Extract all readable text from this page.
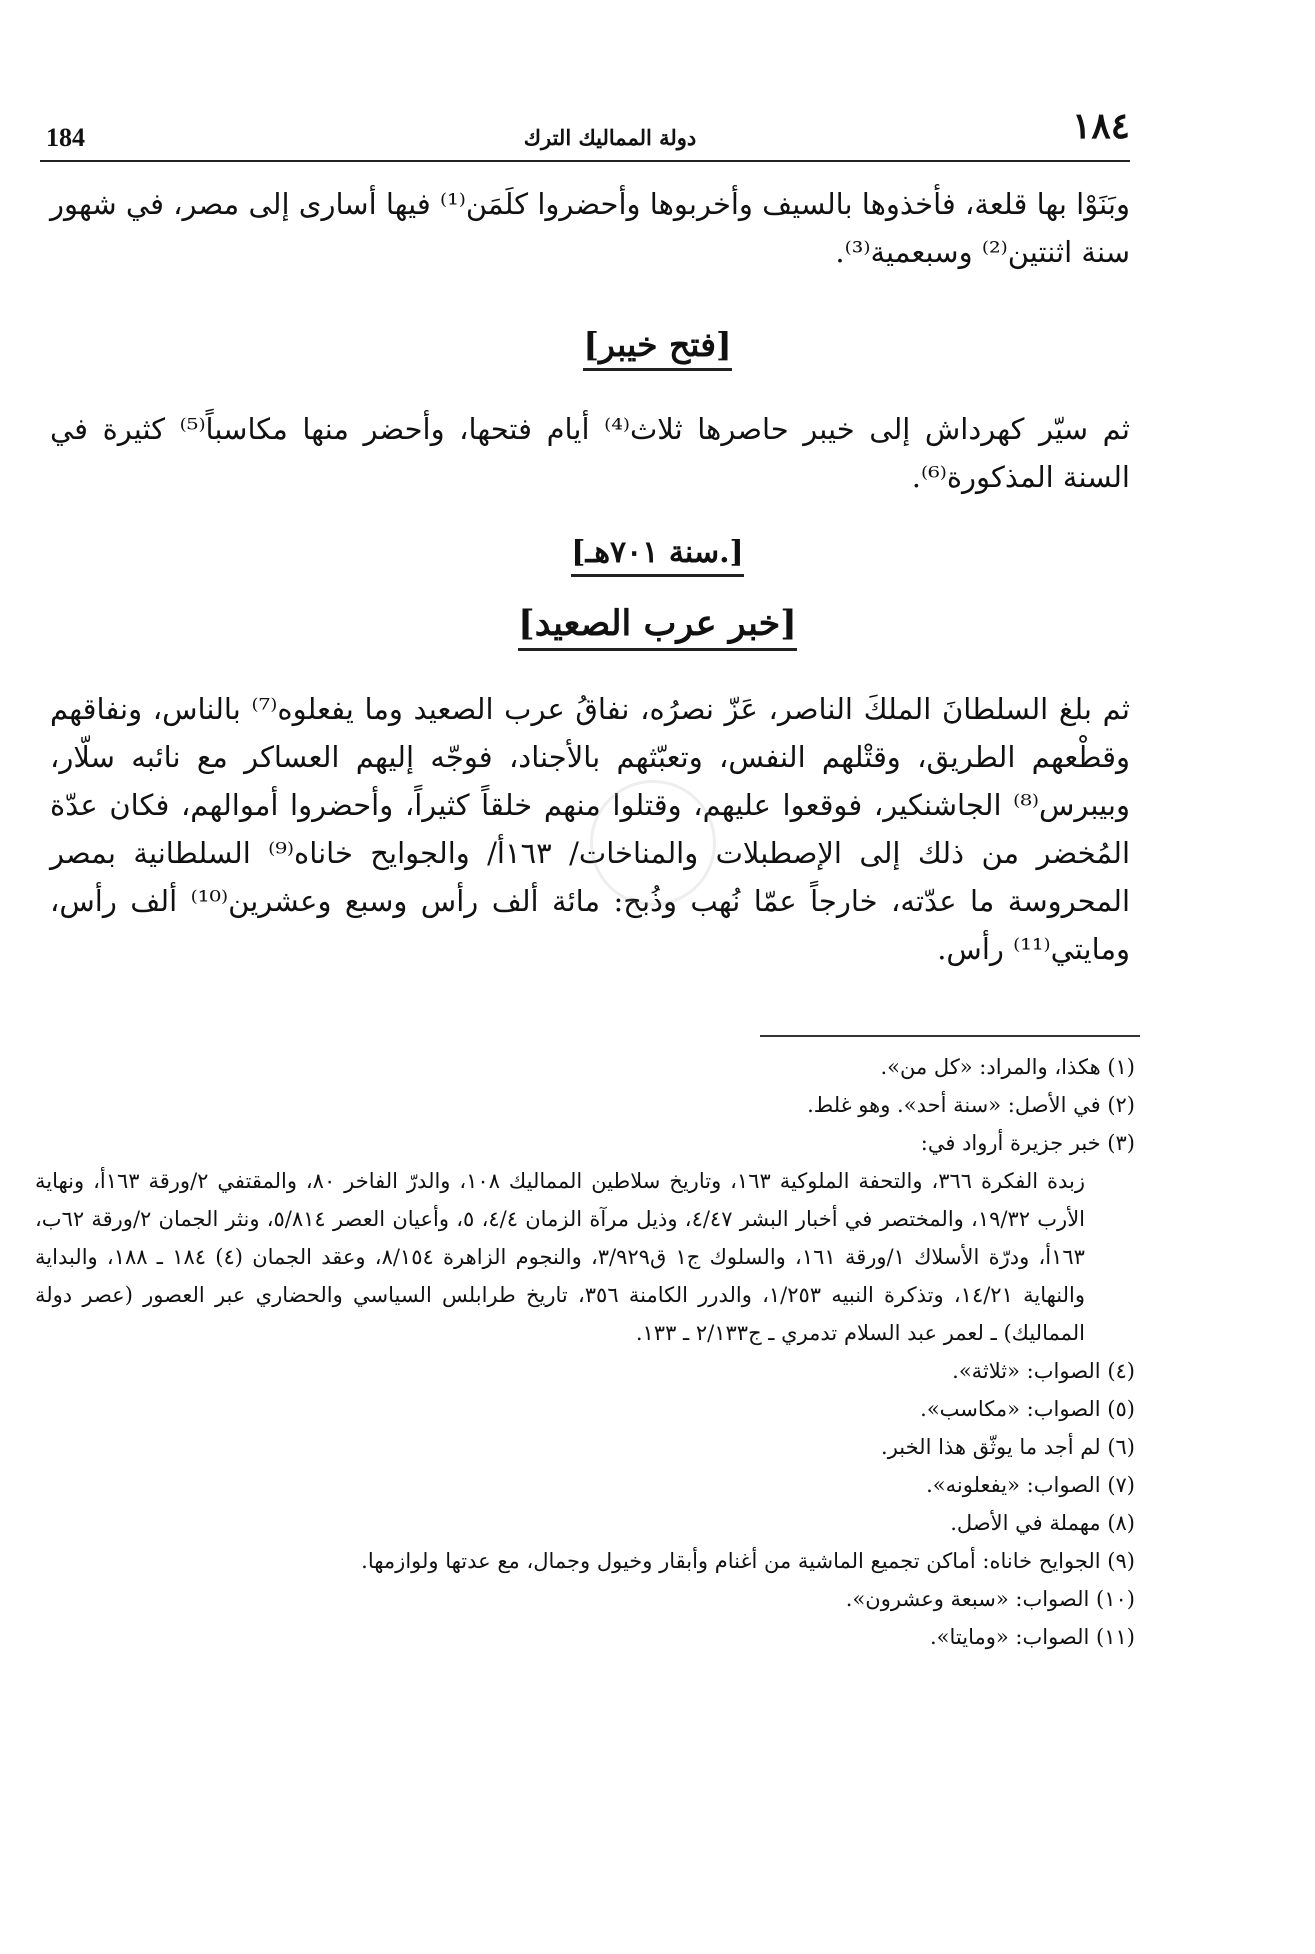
184	دولة المماليك الترك	١٨٤
وبَنَوْا بها قلعة، فأخذوها بالسيف وأخربوها وأحضروا كلَمَن⁽¹⁾ فيها أسارى إلى مصر، في شهور سنة اثنتين⁽²⁾ وسبعمية⁽³⁾.
[فتح خيبر]
ثم سيّر كهرداش إلى خيبر حاصرها ثلاث⁽⁴⁾ أيام فتحها، وأحضر منها مكاسباً⁽⁵⁾ كثيرة في السنة المذكورة⁽⁶⁾.
[سنة ٧٠١هـ.]
[خبر عرب الصعيد]
ثم بلغ السلطانَ الملكَ الناصر، عَزّ نصرُه، نفاقُ عرب الصعيد وما يفعلوه⁽⁷⁾ بالناس، ونفاقهم وقطْعهم الطريق، وقتْلهم النفس، وتعبّثهم بالأجناد، فوجّه إليهم العساكر مع نائبه سلّار، وبيبرس⁽⁸⁾ الجاشنكير، فوقعوا عليهم، وقتلوا منهم خلقاً كثيراً، وأحضروا أموالهم، فكان عدّة المُخضر من ذلك إلى الإصطبلات والمناخات/ ١٦٣أ/ والجوايح خاناه⁽⁹⁾ السلطانية بمصر المحروسة ما عدّته، خارجاً عمّا نُهب وذُبح: مائة ألف رأس وسبع وعشرين⁽¹⁰⁾ ألف رأس، ومايتي⁽¹¹⁾ رأس.

(١) هكذا، والمراد: «كل من».

(٢) في الأصل: «سنة أحد». وهو غلط.

(٣) خبر جزيرة أرواد في:

زبدة الفكرة ٣٦٦، والتحفة الملوكية ١٦٣، وتاريخ سلاطين المماليك ١٠٨، والدرّ الفاخر ٨٠، والمقتفي ٢/ورقة ١٦٣أ، ونهاية الأرب ١٩/٣٢، والمختصر في أخبار البشر ٤/٤٧، وذيل مرآة الزمان ٤/٤، ٥، وأعيان العصر ٥/٨١٤، ونثر الجمان ٢/ورقة ٦٢ب، ١٦٣أ، ودرّة الأسلاك ١/ورقة ١٦١، والسلوك ج١ ق٣/٩٢٩، والنجوم الزاهرة ٨/١٥٤، وعقد الجمان (٤) ١٨٤ ـ ١٨٨، والبداية والنهاية ١٤/٢١، وتذكرة النبيه ١/٢٥٣، والدرر الكامنة ٣٥٦، تاريخ طرابلس السياسي والحضاري عبر العصور (عصر دولة المماليك) ـ لعمر عبد السلام تدمري ـ ج٢/١٣٣ ـ ١٣٣.

(٤) الصواب: «ثلاثة».

(٥) الصواب: «مكاسب».

(٦) لم أجد ما يوثّق هذا الخبر.

(٧) الصواب: «يفعلونه».

(٨) مهملة في الأصل.

(٩) الجوايح خاناه: أماكن تجميع الماشية من أغنام وأبقار وخيول وجمال، مع عدتها ولوازمها.

(١٠) الصواب: «سبعة وعشرون».

(١١) الصواب: «ومايتا».
